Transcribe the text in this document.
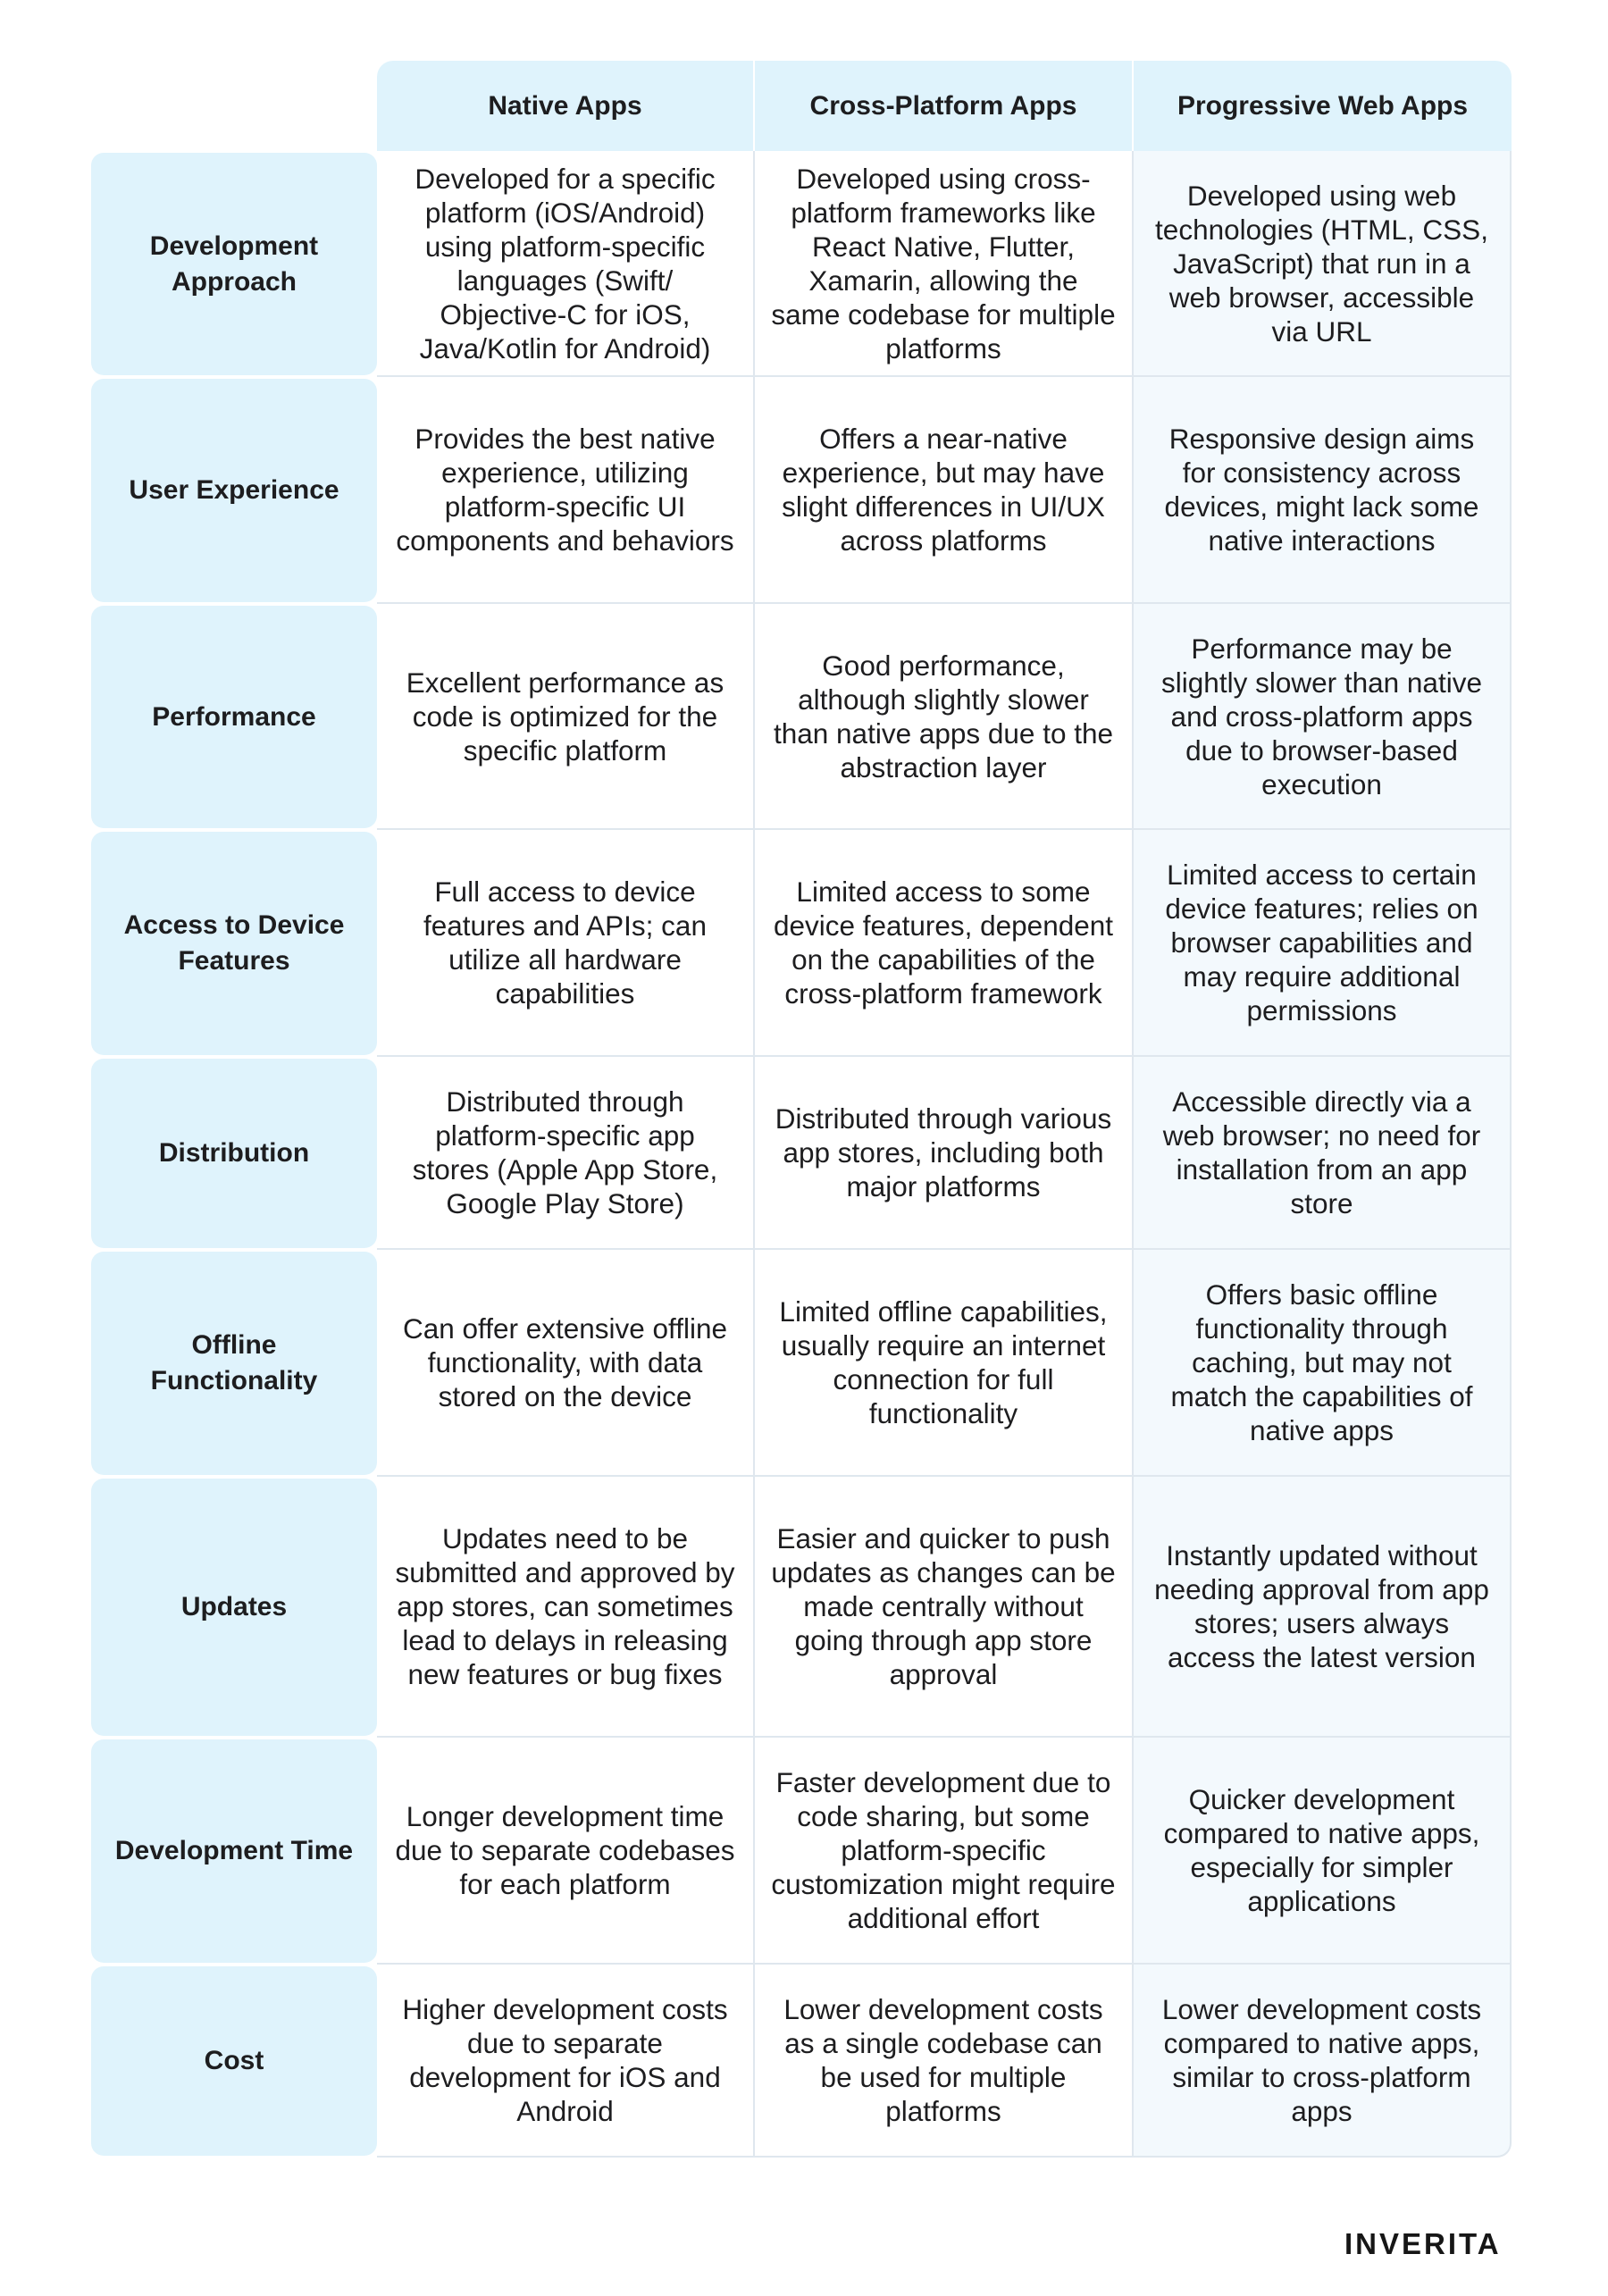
Native Apps	Cross-Platform Apps	Progressive Web Apps
Development Approach
Developed for a specific platform (iOS/Android) using platform-specific languages (Swift/ Objective-C for iOS, Java/Kotlin for Android)
Developed using cross-platform frameworks like React Native, Flutter, Xamarin, allowing the same codebase for multiple platforms
Developed using web technologies (HTML, CSS, JavaScript) that run in a web browser, accessible via URL
User Experience
Provides the best native experience, utilizing platform-specific UI components and behaviors
Offers a near-native experience, but may have slight differences in UI/UX across platforms
Responsive design aims for consistency across devices, might lack some native interactions
Performance
Excellent performance as code is optimized for the specific platform
Good performance, although slightly slower than native apps due to the abstraction layer
Performance may be slightly slower than native and cross-platform apps due to browser-based execution
Access to Device Features
Full access to device features and APIs; can utilize all hardware capabilities
Limited access to some device features, dependent on the capabilities of the cross-platform framework
Limited access to certain device features; relies on browser capabilities and may require additional permissions
Distribution
Distributed through platform-specific app stores (Apple App Store, Google Play Store)
Distributed through various app stores, including both major platforms
Accessible directly via a web browser; no need for installation from an app store
Offline Functionality
Can offer extensive offline functionality, with data stored on the device
Limited offline capabilities, usually require an internet connection for full functionality
Offers basic offline functionality through caching, but may not match the capabilities of native apps
Updates
Updates need to be submitted and approved by app stores, can sometimes lead to delays in releasing new features or bug fixes
Easier and quicker to push updates as changes can be made centrally without going through app store approval
Instantly updated without needing approval from app stores; users always access the latest version
Development Time
Longer development time due to separate codebases for each platform
Faster development due to code sharing, but some platform-specific customization might require additional effort
Quicker development compared to native apps, especially for simpler applications
Cost
Higher development costs due to separate development for iOS and Android
Lower development costs as a single codebase can be used for multiple platforms
Lower development costs compared to native apps, similar to cross-platform apps
INVERITA
